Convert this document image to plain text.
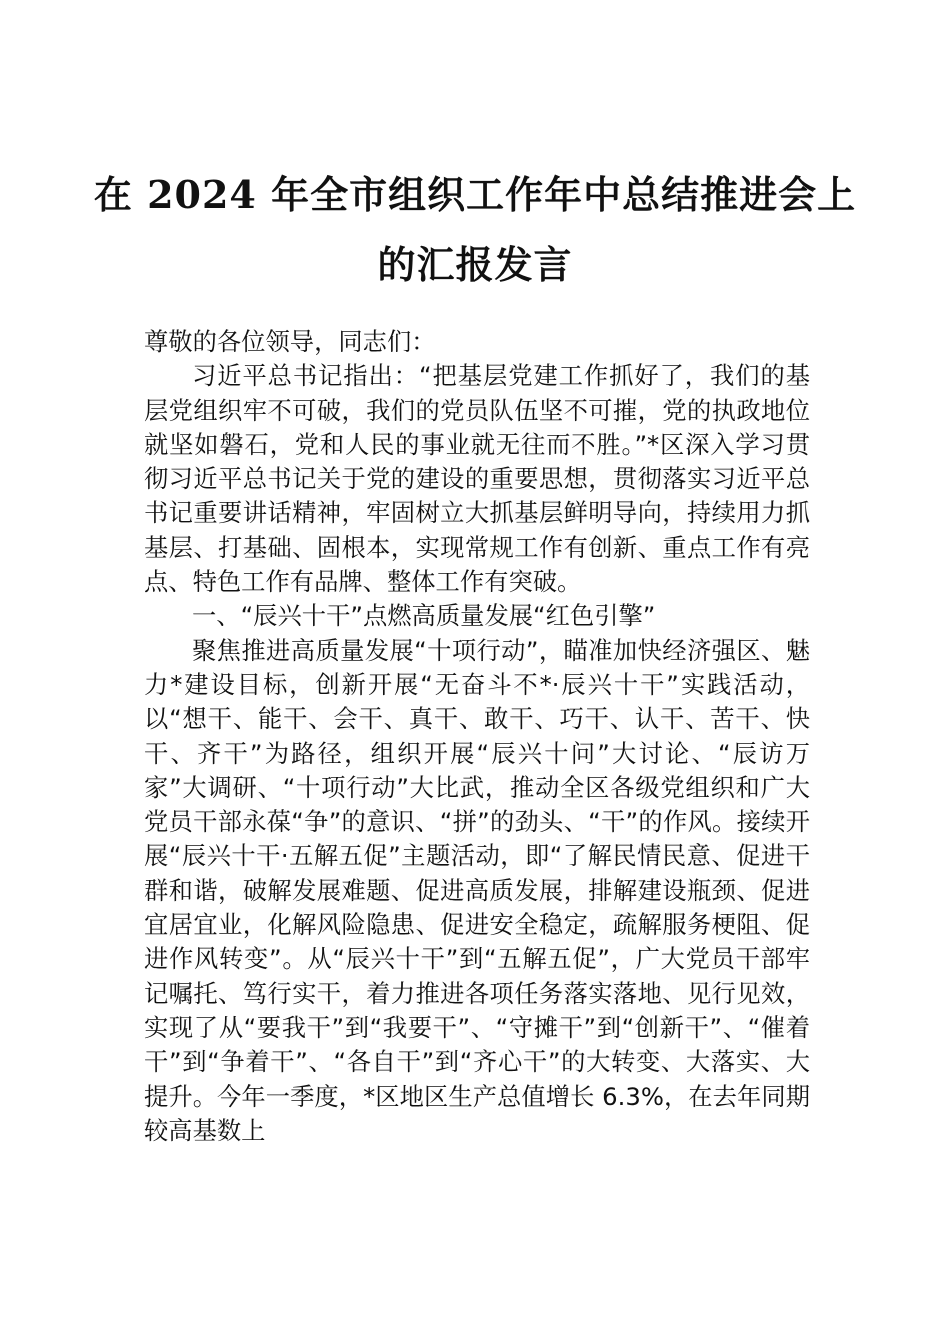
在 2024 年全市组织工作年中总结推进会上
的汇报发言

尊敬的各位领导，同志们：

习近平总书记指出：“把基层党建工作抓好了，我们的基层党组织牢不可破，我们的党员队伍坚不可摧，党的执政地位就坚如磐石，党和人民的事业就无往而不胜。”*区深入学习贯彻习近平总书记关于党的建设的重要思想，贯彻落实习近平总书记重要讲话精神，牢固树立大抓基层鲜明导向，持续用力抓基层、打基础、固根本，实现常规工作有创新、重点工作有亮点、特色工作有品牌、整体工作有突破。

一、“辰兴十干”点燃高质量发展“红色引擎”

聚焦推进高质量发展“十项行动”，瞄准加快经济强区、魅力*建设目标，创新开展“无奋斗不*·辰兴十干”实践活动，以“想干、能干、会干、真干、敢干、巧干、认干、苦干、快干、齐干”为路径，组织开展“辰兴十问”大讨论、“辰访万家”大调研、“十项行动”大比武，推动全区各级党组织和广大党员干部永葆“争”的意识、“拼”的劲头、“干”的作风。接续开展“辰兴十干·五解五促”主题活动，即“了解民情民意、促进干群和谐，破解发展难题、促进高质发展，排解建设瓶颈、促进宜居宜业，化解风险隐患、促进安全稳定，疏解服务梗阻、促进作风转变”。从“辰兴十干”到“五解五促”，广大党员干部牢记嘱托、笃行实干，着力推进各项任务落实落地、见行见效，实现了从“要我干”到“我要干”、“守摊干”到“创新干”、“催着干”到“争着干”、“各自干”到“齐心干”的大转变、大落实、大提升。今年一季度，*区地区生产总值增长 6.3%，在去年同期较高基数上
